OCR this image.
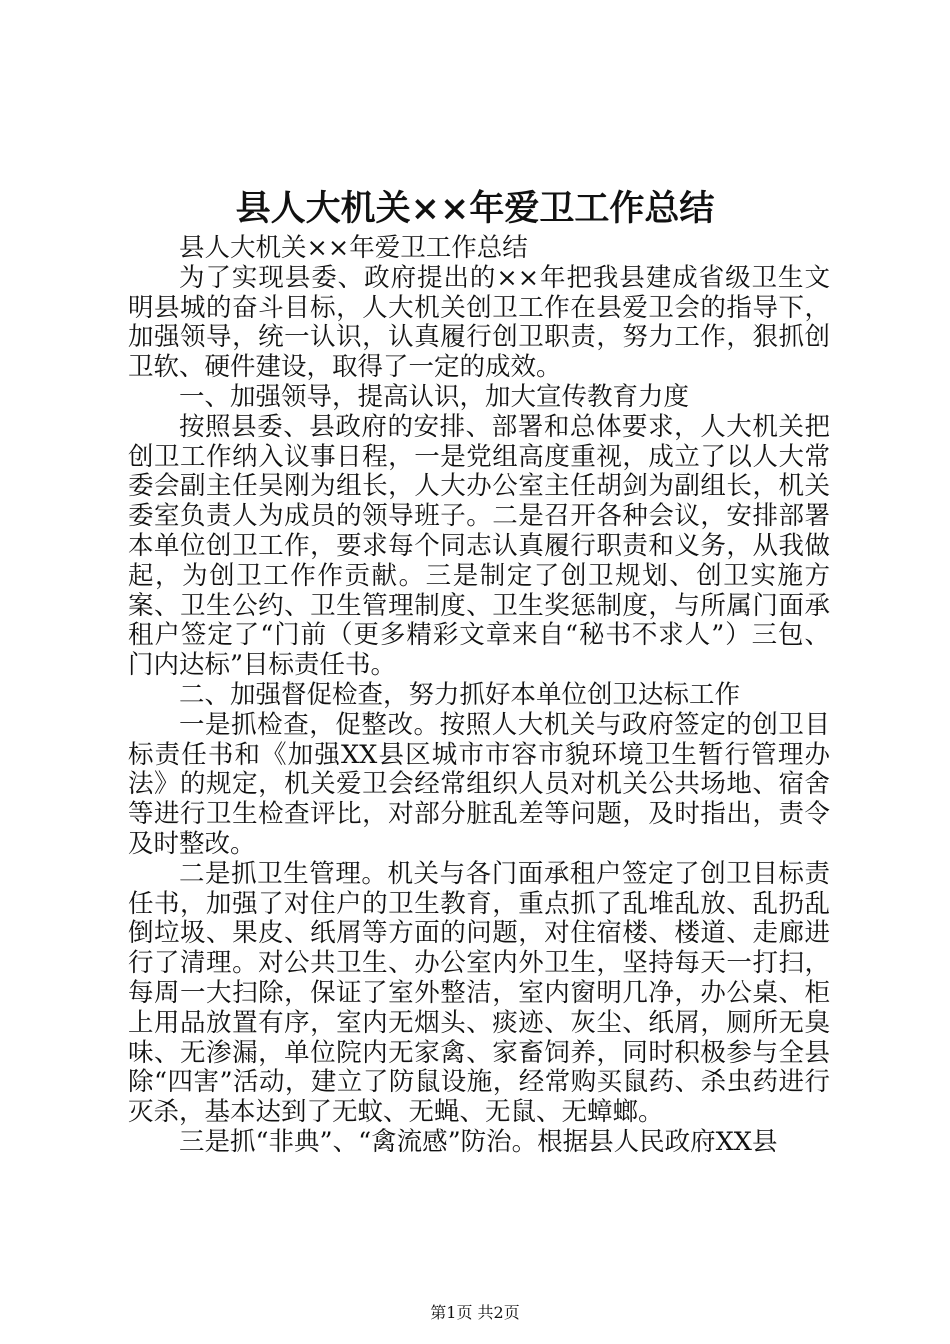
县人大机关××年爱卫工作总结

县人大机关××年爱卫工作总结

为了实现县委、政府提出的××年把我县建成省级卫生文明县城的奋斗目标，人大机关创卫工作在县爱卫会的指导下，加强领导，统一认识，认真履行创卫职责，努力工作，狠抓创卫软、硬件建设，取得了一定的成效。

一、加强领导，提高认识，加大宣传教育力度

按照县委、县政府的安排、部署和总体要求，人大机关把创卫工作纳入议事日程，一是党组高度重视，成立了以人大常委会副主任吴刚为组长，人大办公室主任胡剑为副组长，机关委室负责人为成员的领导班子。二是召开各种会议，安排部署本单位创卫工作，要求每个同志认真履行职责和义务，从我做起，为创卫工作作贡献。三是制定了创卫规划、创卫实施方案、卫生公约、卫生管理制度、卫生奖惩制度，与所属门面承租户签定了“门前（更多精彩文章来自“秘书不求人”）三包、门内达标”目标责任书。

二、加强督促检查，努力抓好本单位创卫达标工作

一是抓检查，促整改。按照人大机关与政府签定的创卫目标责任书和《加强XX县区城市市容市貌环境卫生暂行管理办法》的规定，机关爱卫会经常组织人员对机关公共场地、宿舍等进行卫生检查评比，对部分脏乱差等问题，及时指出，责令及时整改。

二是抓卫生管理。机关与各门面承租户签定了创卫目标责任书，加强了对住户的卫生教育，重点抓了乱堆乱放、乱扔乱倒垃圾、果皮、纸屑等方面的问题，对住宿楼、楼道、走廊进行了清理。对公共卫生、办公室内外卫生，坚持每天一打扫，每周一大扫除，保证了室外整洁，室内窗明几净，办公桌、柜上用品放置有序，室内无烟头、痰迹、灰尘、纸屑，厕所无臭味、无渗漏，单位院内无家禽、家畜饲养，同时积极参与全县除“四害”活动，建立了防鼠设施，经常购买鼠药、杀虫药进行灭杀，基本达到了无蚊、无蝇、无鼠、无蟑螂。

三是抓“非典”、“禽流感”防治。根据县人民政府XX县

第1页 共2页
